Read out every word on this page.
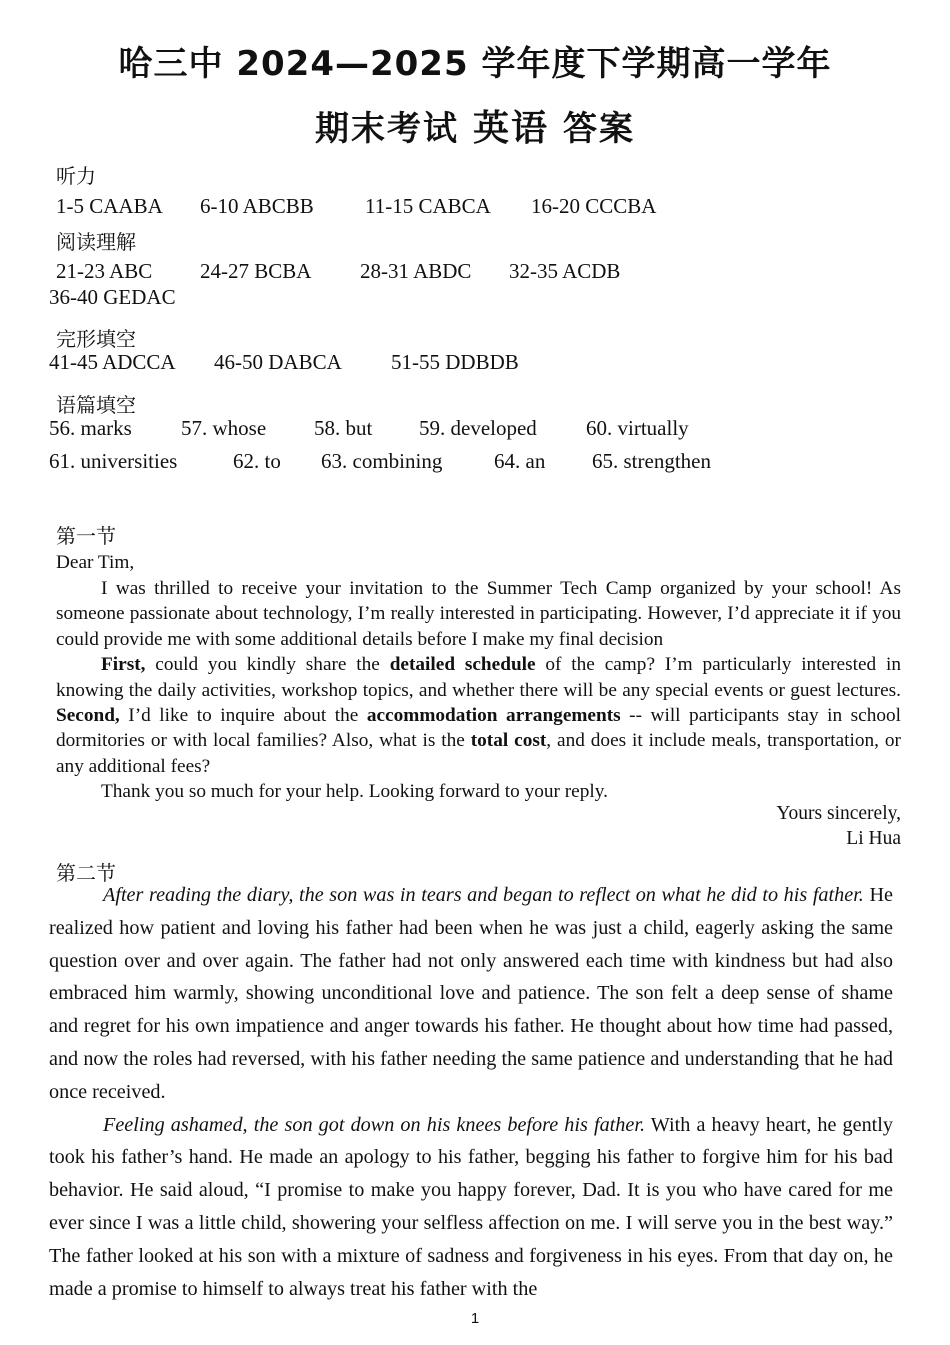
哈三中 2024—2025 学年度下学期高一学年
期末考试 英语 答案
听力
1-5 CAABA 6-10 ABCBB 11-15 CABCA 16-20 CCCBA
阅读理解
21-23 ABC 24-27 BCBA 28-31 ABDC 32-35 ACDB
36-40 GEDAC
完形填空
41-45 ADCCA 46-50 DABCA 51-55 DDBDB
语篇填空
56. marks 57. whose 58. but 59. developed 60. virtually
61. universities	62. to 63. combining 64. an 65. strengthen
第一节

Dear Tim,

I was thrilled to receive your invitation to the Summer Tech Camp organized by your school! As someone passionate about technology, I’m really interested in participating. However, I’d appreciate it if you could provide me with some additional details before I make my final decision

First, could you kindly share the detailed schedule of the camp? I’m particularly interested in knowing the daily activities, workshop topics, and whether there will be any special events or guest lectures. Second, I’d like to inquire about the accommodation arrangements -- will participants stay in school dormitories or with local families? Also, what is the total cost, and does it include meals, transportation, or any additional fees?

Thank you so much for your help. Looking forward to your reply.

Yours sincerely,
Li Hua
第二节

After reading the diary, the son was in tears and began to reflect on what he did to his father. He realized how patient and loving his father had been when he was just a child, eagerly asking the same question over and over again. The father had not only answered each time with kindness but had also embraced him warmly, showing unconditional love and patience. The son felt a deep sense of shame and regret for his own impatience and anger towards his father. He thought about how time had passed, and now the roles had reversed, with his father needing the same patience and understanding that he had once received.

Feeling ashamed, the son got down on his knees before his father. With a heavy heart, he gently took his father’s hand. He made an apology to his father, begging his father to forgive him for his bad behavior. He said aloud, “I promise to make you happy forever, Dad. It is you who have cared for me ever since I was a little child, showering your selfless affection on me. I will serve you in the best way.” The father looked at his son with a mixture of sadness and forgiveness in his eyes. From that day on, he made a promise to himself to always treat his father with the

1
